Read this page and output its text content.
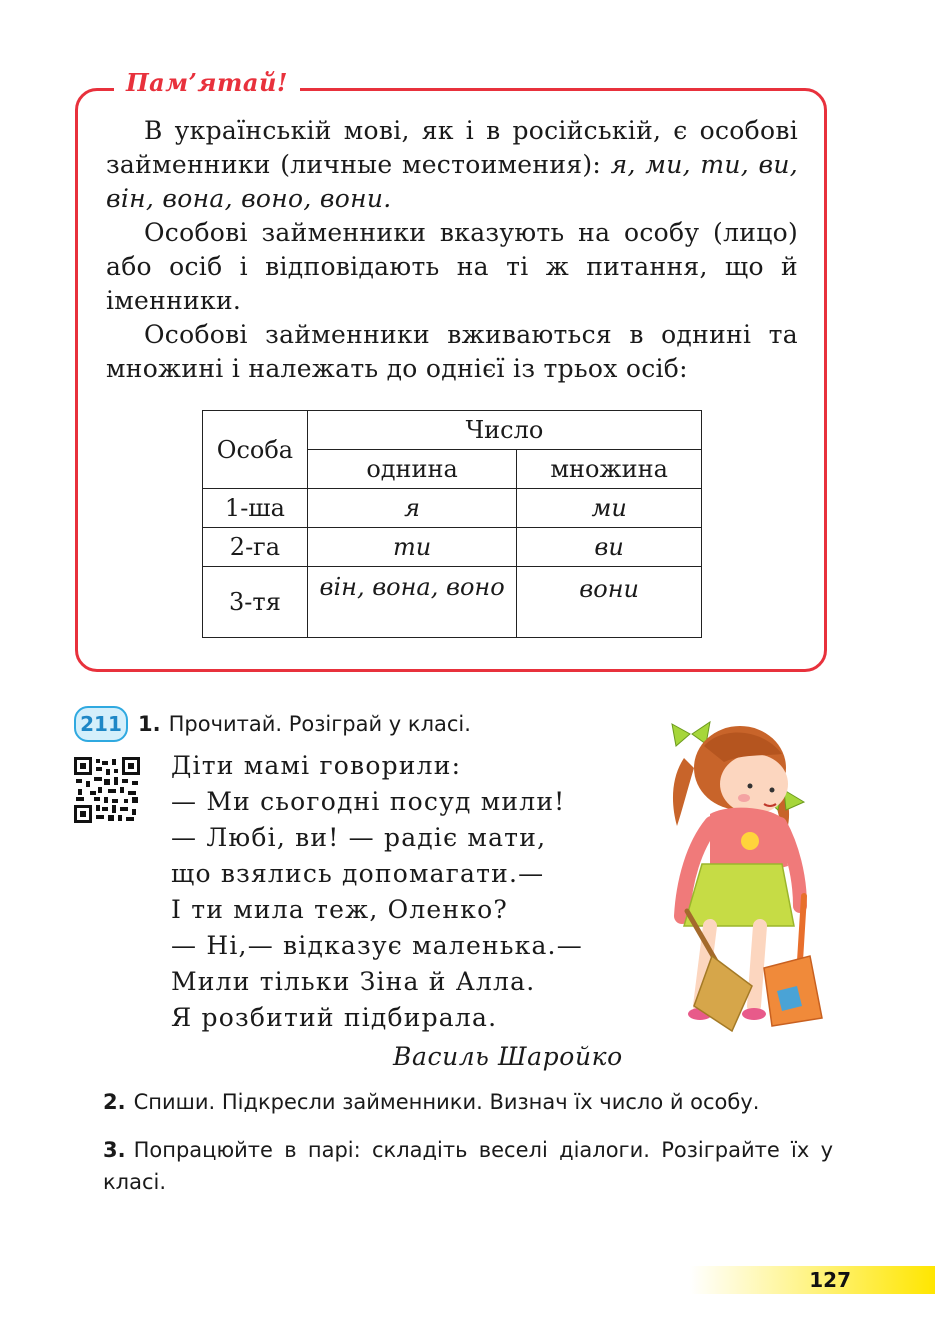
Пам’ятай!

В українській мові, як і в російській, є особові займенники (личные местоимения): я, ми, ти, ви, він, вона, воно, вони.

Особові займенники вказують на особу (лицо) або осіб і відповідають на ті ж питання, що й іменники.

Особові займенники вживаються в однині та множині і належать до однієї із трьох осіб:

Особа	Число	
	однина	множина
1-ша	я	ми
2-га	ти	ви
3-тя	він, вона, воно	вони
211 1. Прочитай. Розіграй у класі.
Діти мамі говорили:
— Ми сьогодні посуд мили!
— Любі, ви! — радіє мати,
що взялись допомагати.—
І ти мила теж, Оленко?
— Ні,— відказує маленька.—
Мили тільки Зіна й Алла.
Я розбитий підбирала.
Василь Шаройко
2. Спиши. Підкресли займенники. Визнач їх число й особу.
3. Попрацюйте в парі: складіть веселі діалоги. Розіграйте їх у класі.
127
